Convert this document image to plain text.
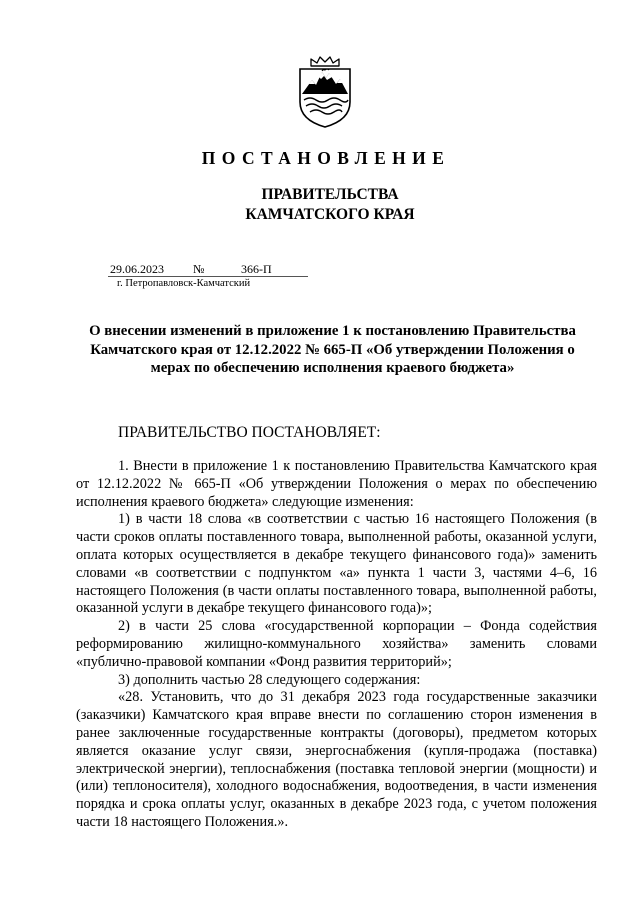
ПОСТАНОВЛЕНИЕ
ПРАВИТЕЛЬСТВА
КАМЧАТСКОГО КРАЯ
29.06.2023 №	366-П
г. Петропавловск-Камчатский
О внесении изменений в приложение 1 к постановлению Правительства Камчатского края от 12.12.2022 № 665-П «Об утверждении Положения о мерах по обеспечению исполнения краевого бюджета»
ПРАВИТЕЛЬСТВО ПОСТАНОВЛЯЕТ:

1. Внести в приложение 1 к постановлению Правительства Камчатского края от 12.12.2022 № 665-П «Об утверждении Положения о мерах по обеспечению исполнения краевого бюджета» следующие изменения:

1) в части 18 слова «в соответствии с частью 16 настоящего Положения (в части сроков оплаты поставленного товара, выполненной работы, оказанной услуги, оплата которых осуществляется в декабре текущего финансового года)» заменить словами «в соответствии с подпунктом «а» пункта 1 части 3, частями 4–6, 16 настоящего Положения (в части оплаты поставленного товара, выполненной работы, оказанной услуги в декабре текущего финансового года)»;

2) в части 25 слова «государственной корпорации – Фонда содействия реформированию жилищно-коммунального хозяйства» заменить словами «публично-правовой компании «Фонд развития территорий»;

3) дополнить частью 28 следующего содержания:

«28. Установить, что до 31 декабря 2023 года государственные заказчики (заказчики) Камчатского края вправе внести по соглашению сторон изменения в ранее заключенные государственные контракты (договоры), предметом которых является оказание услуг связи, энергоснабжения (купля-продажа (поставка) электрической энергии), теплоснабжения (поставка тепловой энергии (мощности) и (или) теплоносителя), холодного водоснабжения, водоотведения, в части изменения порядка и срока оплаты услуг, оказанных в декабре 2023 года, с учетом положения части 18 настоящего Положения.».
